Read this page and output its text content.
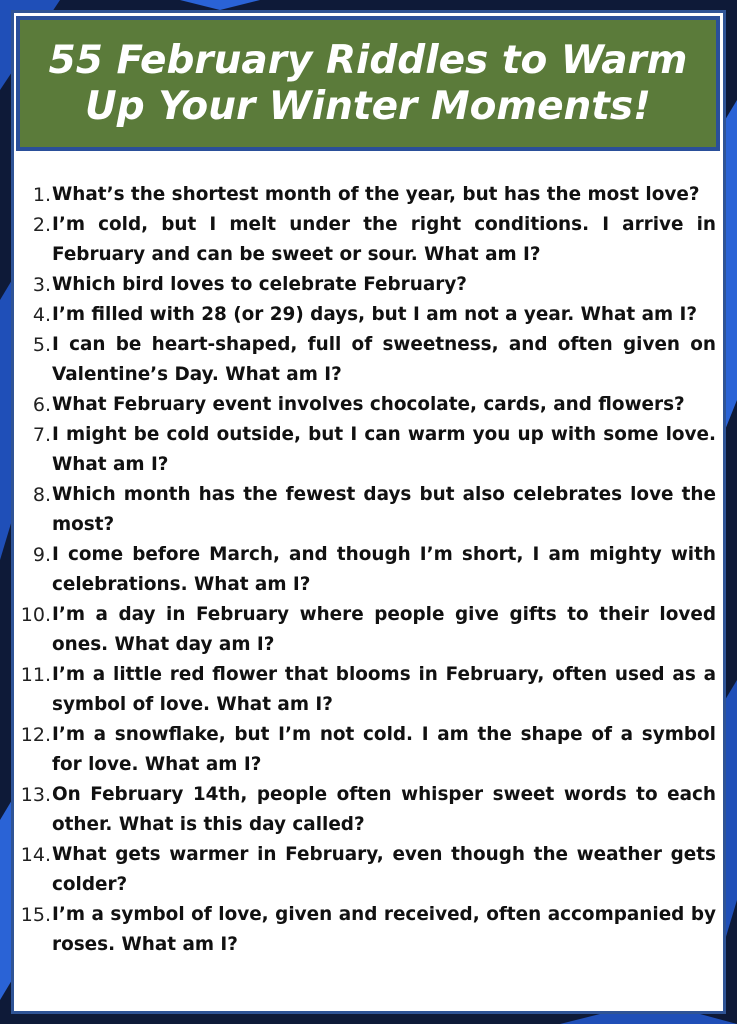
55 February Riddles to Warm
Up Your Winter Moments!
1. What’s the shortest month of the year, but has the most love?
2. I’m cold, but I melt under the right conditions. I arrive in February and can be sweet or sour. What am I?
3. Which bird loves to celebrate February?
4. I’m filled with 28 (or 29) days, but I am not a year. What am I?
5. I can be heart-shaped, full of sweetness, and often given on Valentine’s Day. What am I?
6. What February event involves chocolate, cards, and flowers?
7. I might be cold outside, but I can warm you up with some love. What am I?
8. Which month has the fewest days but also celebrates love the most?
9. I come before March, and though I’m short, I am mighty with celebrations. What am I?
10. I’m a day in February where people give gifts to their loved ones. What day am I?
11. I’m a little red flower that blooms in February, often used as a symbol of love. What am I?
12. I’m a snowflake, but I’m not cold. I am the shape of a symbol for love. What am I?
13. On February 14th, people often whisper sweet words to each other. What is this day called?
14. What gets warmer in February, even though the weather gets colder?
15. I’m a symbol of love, given and received, often accompanied by roses. What am I?
